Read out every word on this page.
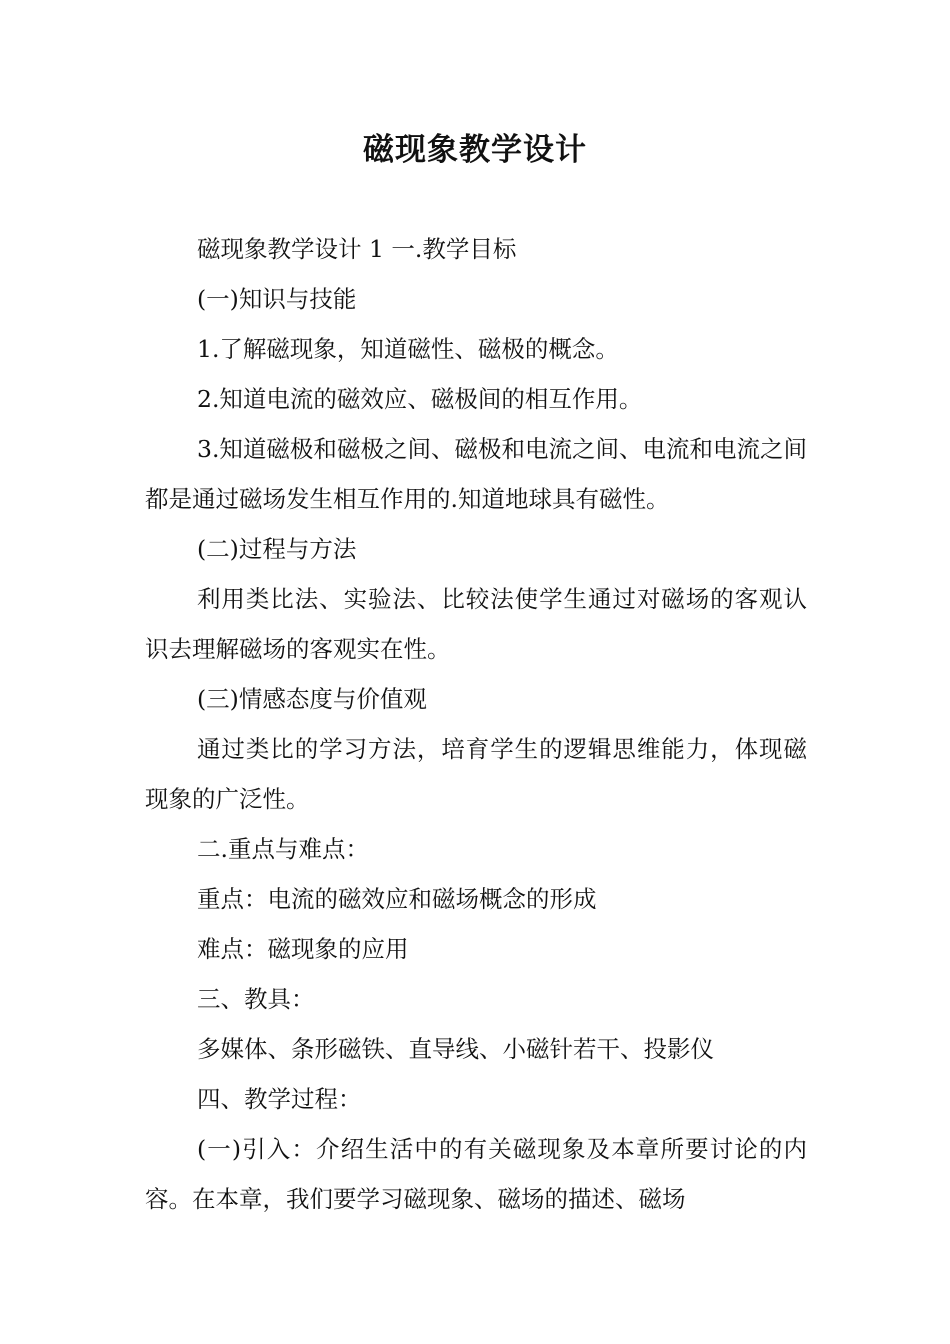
磁现象教学设计

磁现象教学设计 1 一.教学目标

(一)知识与技能

1.了解磁现象，知道磁性、磁极的概念。

2.知道电流的磁效应、磁极间的相互作用。

3.知道磁极和磁极之间、磁极和电流之间、电流和电流之间都是通过磁场发生相互作用的.知道地球具有磁性。

(二)过程与方法

利用类比法、实验法、比较法使学生通过对磁场的客观认识去理解磁场的客观实在性。

(三)情感态度与价值观

通过类比的学习方法，培育学生的逻辑思维能力，体现磁现象的广泛性。

二.重点与难点：

重点：电流的磁效应和磁场概念的形成

难点：磁现象的应用

三、教具：

多媒体、条形磁铁、直导线、小磁针若干、投影仪

四、教学过程：

(一)引入：介绍生活中的有关磁现象及本章所要讨论的内容。在本章，我们要学习磁现象、磁场的描述、磁场
